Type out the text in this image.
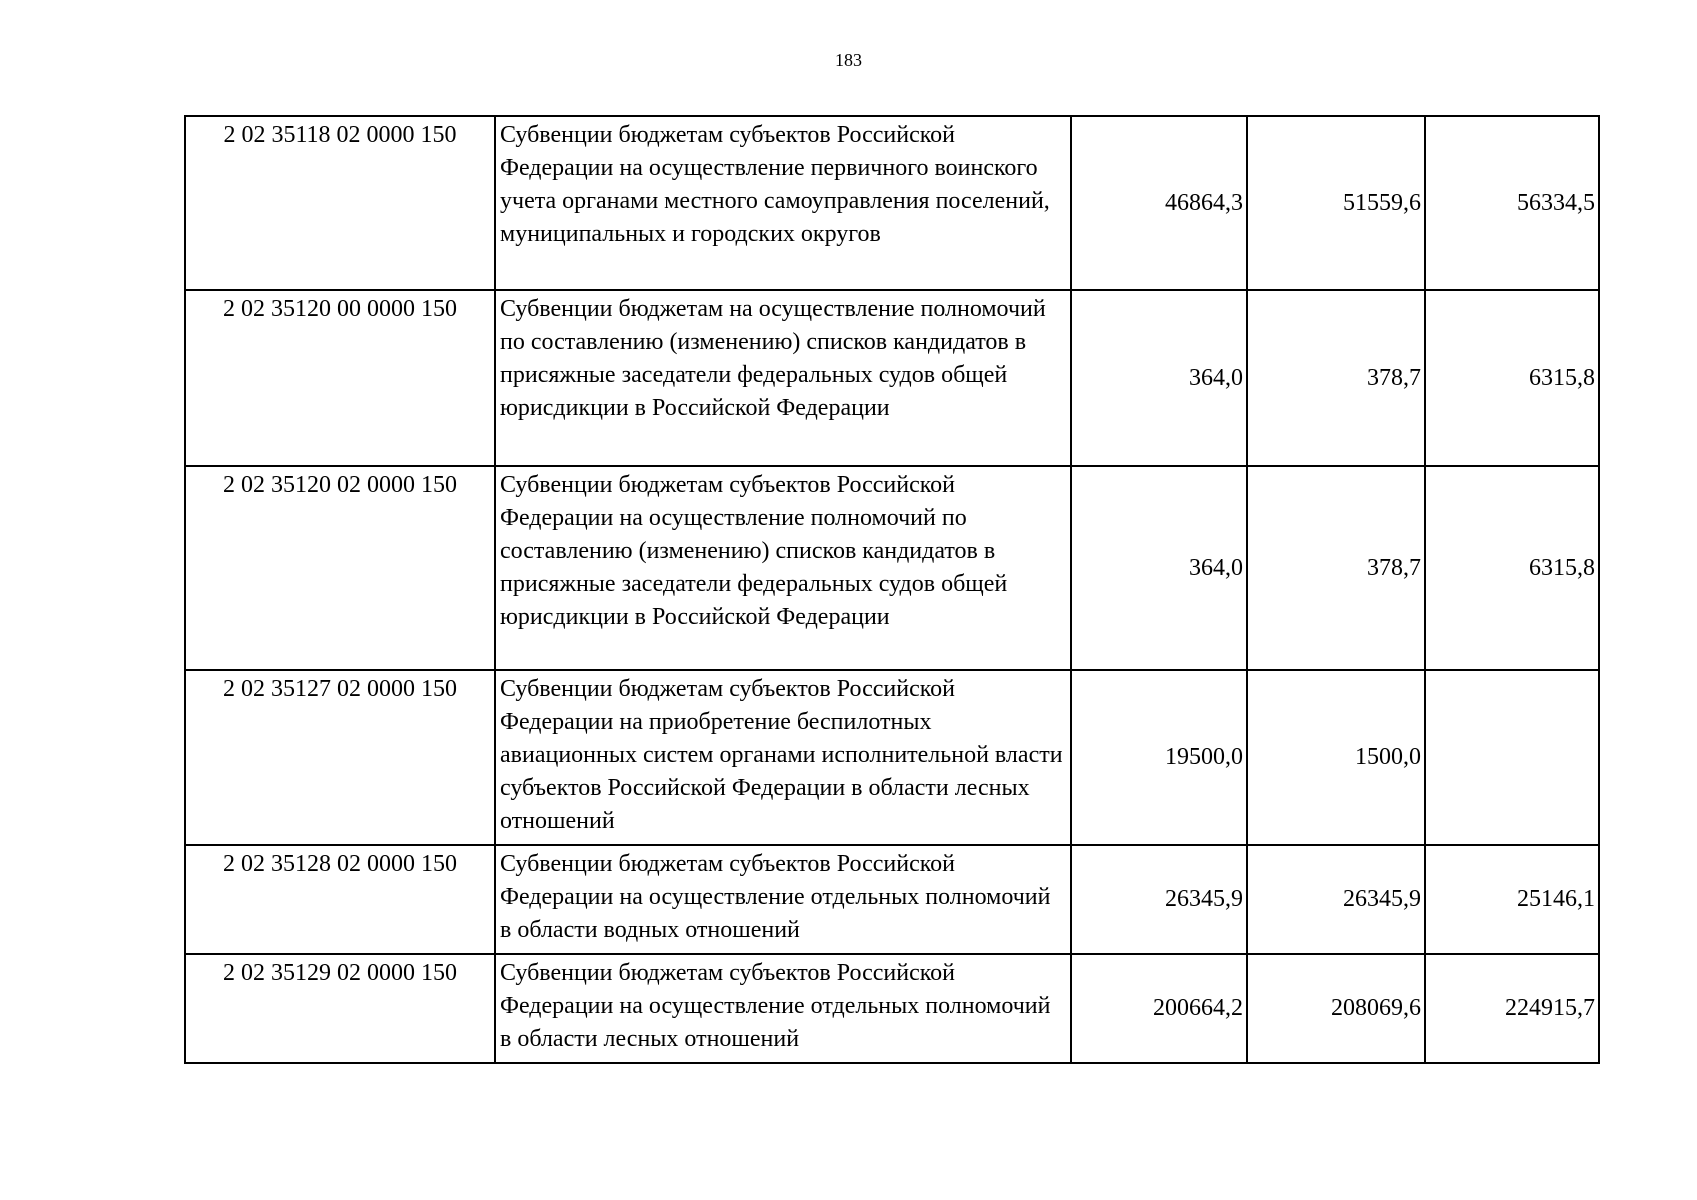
183
2 02 35118 02 0000 150	Субвенции бюджетам субъектов Российской Федерации на осуществление первичного воинского учета органами местного самоуправления поселений, муниципальных и городских округов	46864,3	51559,6	56334,5
2 02 35120 00 0000 150	Субвенции бюджетам на осуществление полномочий по составлению (изменению) списков кандидатов в присяжные заседатели федеральных судов общей юрисдикции в Российской Федерации	364,0	378,7	6315,8
2 02 35120 02 0000 150	Субвенции бюджетам субъектов Российской Федерации на осуществление полномочий по составлению (изменению) списков кандидатов в присяжные заседатели федеральных судов общей юрисдикции в Российской Федерации	364,0	378,7	6315,8
2 02 35127 02 0000 150	Субвенции бюджетам субъектов Российской Федерации на приобретение беспилотных авиационных систем органами исполнительной власти субъектов Российской Федерации в области лесных отношений	19500,0	1500,0	
2 02 35128 02 0000 150	Субвенции бюджетам субъектов Российской Федерации на осуществление отдельных полномочий в области водных отношений	26345,9	26345,9	25146,1
2 02 35129 02 0000 150	Субвенции бюджетам субъектов Российской Федерации на осуществление отдельных полномочий в области лесных отношений	200664,2	208069,6	224915,7
